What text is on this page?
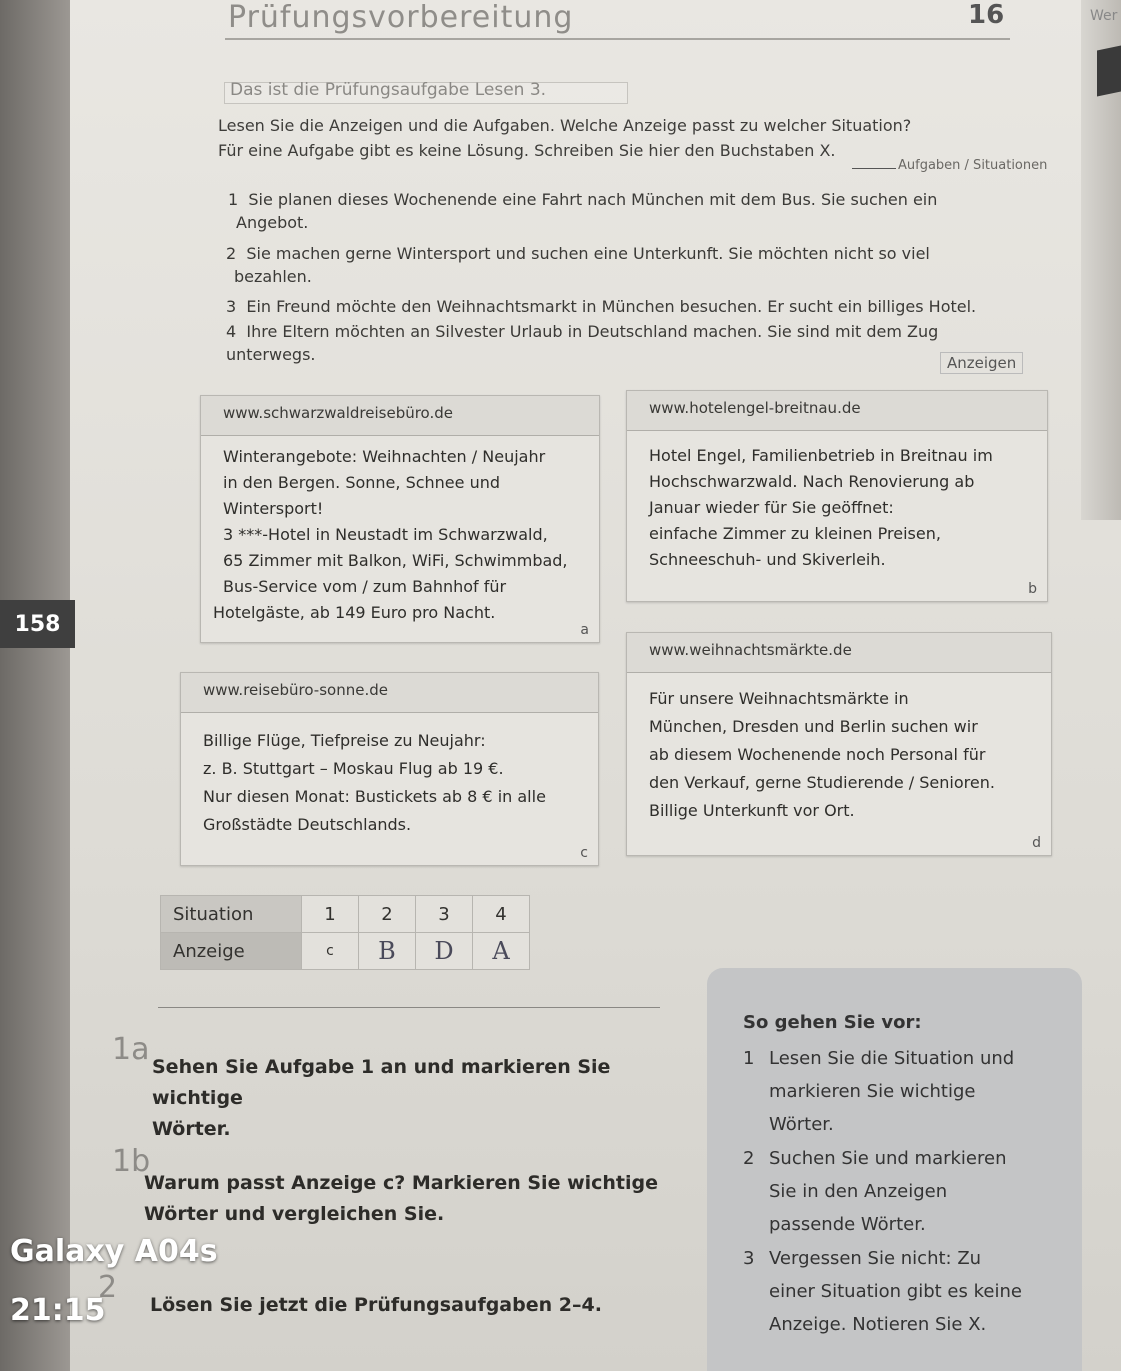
Prüfungsvorbereitung	16	Wer
Das ist die Prüfungsaufgabe Lesen 3.
Lesen Sie die Anzeigen und die Aufgaben. Welche Anzeige passt zu welcher Situation?
Für eine Aufgabe gibt es keine Lösung. Schreiben Sie hier den Buchstaben X.
Aufgaben / Situationen
1 Sie planen dieses Wochenende eine Fahrt nach München mit dem Bus. Sie suchen ein
Angebot.
2 Sie machen gerne Wintersport und suchen eine Unterkunft. Sie möchten nicht so viel
bezahlen.
3 Ein Freund möchte den Weihnachtsmarkt in München besuchen. Er sucht ein billiges Hotel.
4 Ihre Eltern möchten an Silvester Urlaub in Deutschland machen. Sie sind mit dem Zug
unterwegs.	Anzeigen
www.schwarzwaldreisebüro.de
Winterangebote: Weihnachten / Neujahr
in den Bergen. Sonne, Schnee und
Wintersport!
3 ***-Hotel in Neustadt im Schwarzwald,
65 Zimmer mit Balkon, WiFi, Schwimmbad,
Bus-Service vom / zum Bahnhof für
Hotelgäste, ab 149 Euro pro Nacht.
a
www.hotelengel-breitnau.de
Hotel Engel, Familienbetrieb in Breitnau im
Hochschwarzwald. Nach Renovierung ab
Januar wieder für Sie geöffnet:
einfache Zimmer zu kleinen Preisen,
Schneeschuh- und Skiverleih.
b
www.reisebüro-sonne.de
Billige Flüge, Tiefpreise zu Neujahr:
z. B. Stuttgart – Moskau Flug ab 19 €.
Nur diesen Monat: Bustickets ab 8 € in alle
Großstädte Deutschlands.
c
www.weihnachtsmärkte.de
Für unsere Weihnachtsmärkte in
München, Dresden und Berlin suchen wir
ab diesem Wochenende noch Personal für
den Verkauf, gerne Studierende / Senioren.
Billige Unterkunft vor Ort.
d
158
Situation	1	2	3	4
Anzeige	c	B	D	A
So gehen Sie vor:
1 Lesen Sie die Situation und
markieren Sie wichtige
Wörter.
2 Suchen Sie und markieren
Sie in den Anzeigen
passende Wörter.
3 Vergessen Sie nicht: Zu
einer Situation gibt es keine
Anzeige. Notieren Sie X.
1a Sehen Sie Aufgabe 1 an und markieren Sie wichtige
Wörter.
1b
Warum passt Anzeige c? Markieren Sie wichtige
Wörter und vergleichen Sie.
2 Lösen Sie jetzt die Prüfungsaufgaben 2–4.
Galaxy A04s
21:15
